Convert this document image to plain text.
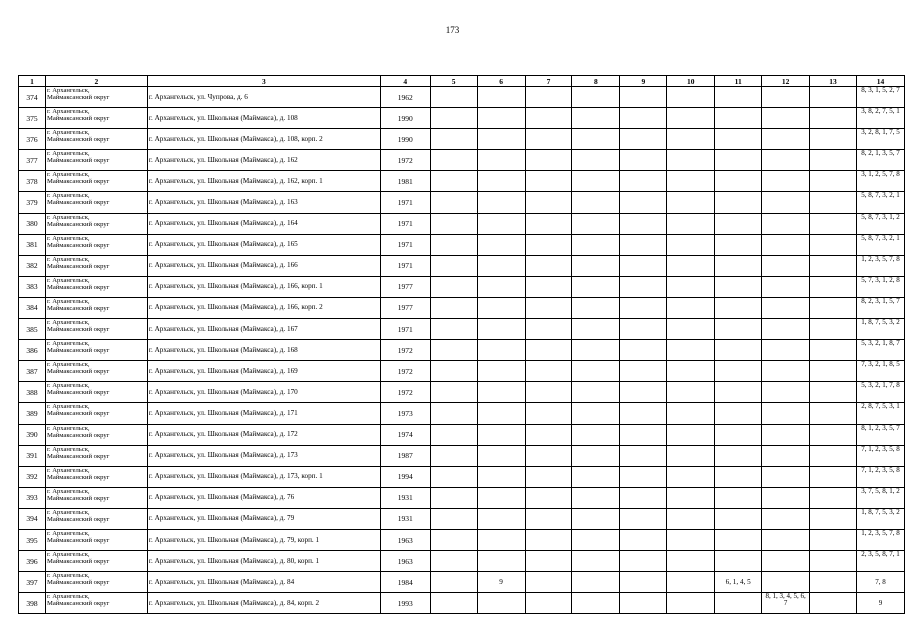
173
1	2	3	4	5	6	7	8	9	10	11	12	13	14
374	г. Архангельск,
Маймаксанский округ	г. Архангельск, ул. Чупрова, д. 6	1962										8, 3, 1, 5, 2, 7
375	г. Архангельск,
Маймаксанский округ	г. Архангельск, ул. Школьная (Маймакса), д. 108	1990										3, 8, 2, 7, 5, 1
376	г. Архангельск,
Маймаксанский округ	г. Архангельск, ул. Школьная (Маймакса), д. 108, корп. 2	1990										3, 2, 8, 1, 7, 5
377	г. Архангельск,
Маймаксанский округ	г. Архангельск, ул. Школьная (Маймакса), д. 162	1972										8, 2, 1, 3, 5, 7
378	г. Архангельск,
Маймаксанский округ	г. Архангельск, ул. Школьная (Маймакса), д. 162, корп. 1	1981										3, 1, 2, 5, 7, 8
379	г. Архангельск,
Маймаксанский округ	г. Архангельск, ул. Школьная (Маймакса), д. 163	1971										5, 8, 7, 3, 2, 1
380	г. Архангельск,
Маймаксанский округ	г. Архангельск, ул. Школьная (Маймакса), д. 164	1971										5, 8, 7, 3, 1, 2
381	г. Архангельск,
Маймаксанский округ	г. Архангельск, ул. Школьная (Маймакса), д. 165	1971										5, 8, 7, 3, 2, 1
382	г. Архангельск,
Маймаксанский округ	г. Архангельск, ул. Школьная (Маймакса), д. 166	1971										1, 2, 3, 5, 7, 8
383	г. Архангельск,
Маймаксанский округ	г. Архангельск, ул. Школьная (Маймакса), д. 166, корп. 1	1977										5, 7, 3, 1, 2, 8
384	г. Архангельск,
Маймаксанский округ	г. Архангельск, ул. Школьная (Маймакса), д. 166, корп. 2	1977										8, 2, 3, 1, 5, 7
385	г. Архангельск,
Маймаксанский округ	г. Архангельск, ул. Школьная (Маймакса), д. 167	1971										1, 8, 7, 5, 3, 2
386	г. Архангельск,
Маймаксанский округ	г. Архангельск, ул. Школьная (Маймакса), д. 168	1972										5, 3, 2, 1, 8, 7
387	г. Архангельск,
Маймаксанский округ	г. Архангельск, ул. Школьная (Маймакса), д. 169	1972										7, 3, 2, 1, 8, 5
388	г. Архангельск,
Маймаксанский округ	г. Архангельск, ул. Школьная (Маймакса), д. 170	1972										5, 3, 2, 1, 7, 8
389	г. Архангельск,
Маймаксанский округ	г. Архангельск, ул. Школьная (Маймакса), д. 171	1973										2, 8, 7, 5, 3, 1
390	г. Архангельск,
Маймаксанский округ	г. Архангельск, ул. Школьная (Маймакса), д. 172	1974										8, 1, 2, 3, 5, 7
391	г. Архангельск,
Маймаксанский округ	г. Архангельск, ул. Школьная (Маймакса), д. 173	1987										7, 1, 2, 3, 5, 8
392	г. Архангельск,
Маймаксанский округ	г. Архангельск, ул. Школьная (Маймакса), д. 173, корп. 1	1994										7, 1, 2, 3, 5, 8
393	г. Архангельск,
Маймаксанский округ	г. Архангельск, ул. Школьная (Маймакса), д. 76	1931										3, 7, 5, 8, 1, 2
394	г. Архангельск,
Маймаксанский округ	г. Архангельск, ул. Школьная (Маймакса), д. 79	1931										1, 8, 7, 5, 3, 2
395	г. Архангельск,
Маймаксанский округ	г. Архангельск, ул. Школьная (Маймакса), д. 79, корп. 1	1963										1, 2, 3, 5, 7, 8
396	г. Архангельск,
Маймаксанский округ	г. Архангельск, ул. Школьная (Маймакса), д. 80, корп. 1	1963										2, 3, 5, 8, 7, 1
397	г. Архангельск,
Маймаксанский округ	г. Архангельск, ул. Школьная (Маймакса), д. 84	1984		9					6, 1, 4, 5			7, 8
398	г. Архангельск,
Маймаксанский округ	г. Архангельск, ул. Школьная (Маймакса), д. 84, корп. 2	1993								8, 1, 3, 4, 5, 6, 7		9
